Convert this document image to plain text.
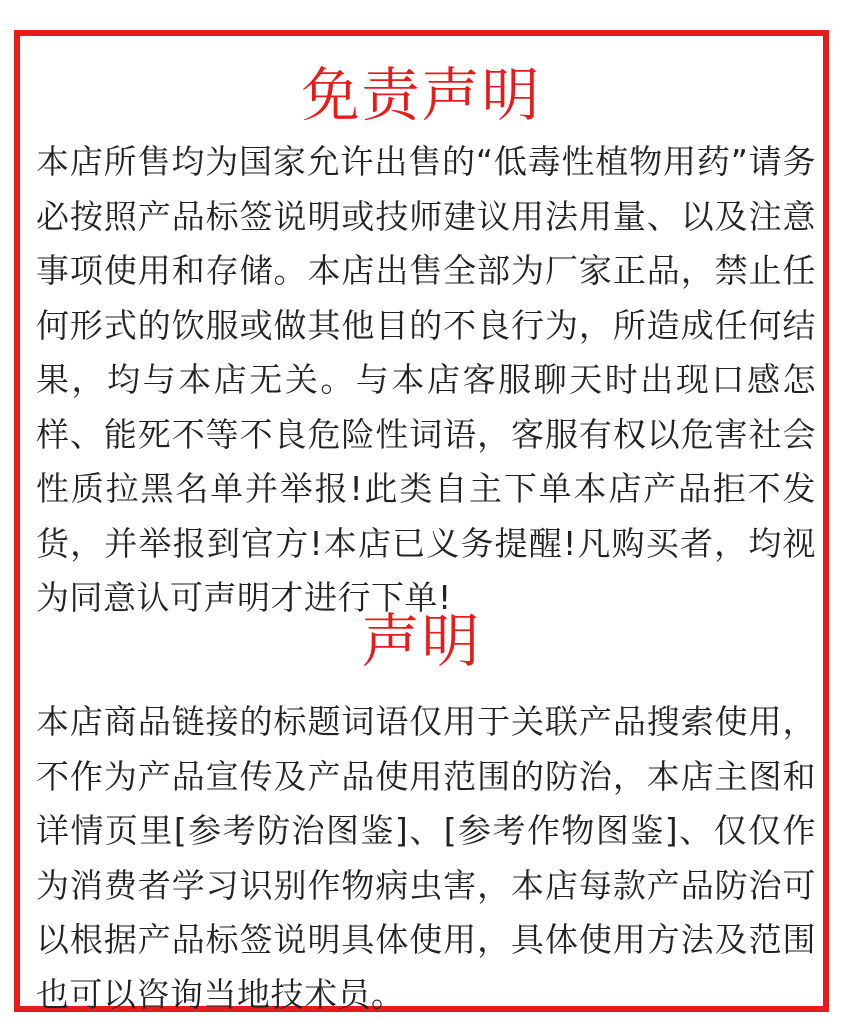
免责声明
本店所售均为国家允许出售的“低毒性植物用药”请务必按照产品标签说明或技师建议用法用量、以及注意事项使用和存储。本店出售全部为厂家正品，禁止任何形式的饮服或做其他目的不良行为，所造成任何结果，均与本店无关。与本店客服聊天时出现口感怎样、能死不等不良危险性词语，客服有权以危害社会性质拉黑名单并举报!此类自主下单本店产品拒不发货，并举报到官方!本店已义务提醒!凡购买者，均视为同意认可声明才进行下单!
声明
本店商品链接的标题词语仅用于关联产品搜索使用，不作为产品宣传及产品使用范围的防治，本店主图和详情页里[参考防治图鉴]、[参考作物图鉴]、仅仅作为消费者学习识别作物病虫害，本店每款产品防治可以根据产品标签说明具体使用，具体使用方法及范围也可以咨询当地技术员。
